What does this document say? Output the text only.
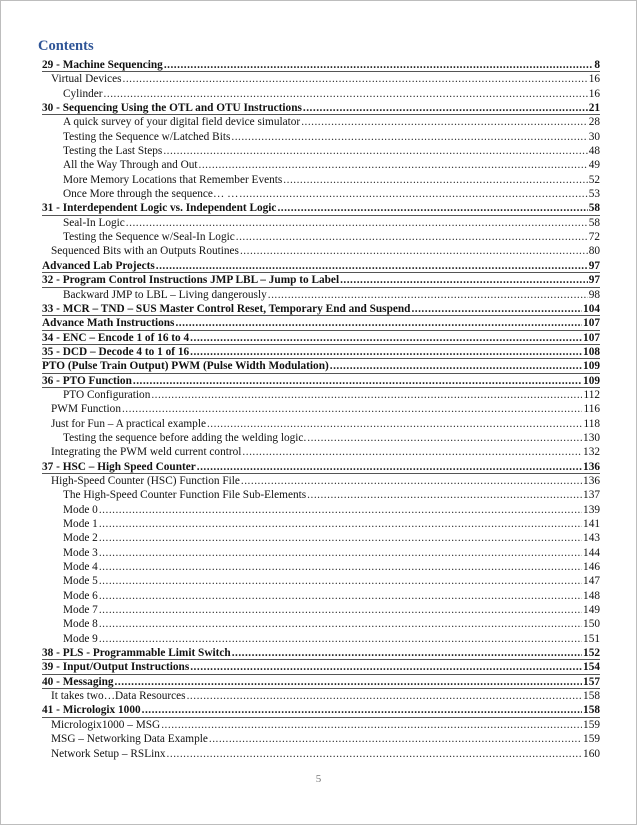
Contents
29 - Machine Sequencing .....	8
Virtual Devices .....	16
Cylinder .....	16
30 - Sequencing Using the OTL and OTU Instructions .....	21
A quick survey of your digital field device simulator .....	28
Testing the Sequence w/Latched Bits .....	30
Testing the Last Steps .....	48
All the Way Through and Out .....	49
More Memory Locations that Remember Events .....	52
Once More through the sequence… … .....	53
31 - Interdependent Logic vs. Independent Logic .....	58
Seal-In Logic .....	58
Testing the Sequence w/Seal-In Logic .....	72
Sequenced Bits with an Outputs Routines .....	80
Advanced Lab Projects .....	97
32 - Program Control Instructions JMP LBL – Jump to Label .....	97
Backward JMP to LBL – Living dangerously .....	98
33 - MCR – TND – SUS Master Control Reset, Temporary End and Suspend .....	104
Advance Math Instructions .....	107
34 - ENC – Encode 1 of 16 to 4 .....	107
35 - DCD – Decode 4 to 1 of 16 .....	108
PTO (Pulse Train Output) PWM (Pulse Width Modulation) .....	109
36 - PTO Function .....	109
PTO Configuration .....	112
PWM Function .....	116
Just for Fun – A practical example .....	118
Testing the sequence before adding the welding logic. .....	130
Integrating the PWM weld current control .....	132
37 - HSC – High Speed Counter .....	136
High-Speed Counter (HSC) Function File .....	136
The High-Speed Counter Function File Sub-Elements .....	137
Mode 0 .....	139
Mode 1 .....	141
Mode 2 .....	143
Mode 3 .....	144
Mode 4 .....	146
Mode 5 .....	147
Mode 6 .....	148
Mode 7 .....	149
Mode 8 .....	150
Mode 9 .....	151
38 - PLS - Programmable Limit Switch .....	152
39 - Input/Output Instructions .....	154
40 - Messaging .....	157
It takes two…Data Resources .....	158
41 - Micrologix 1000 .....	158
Micrologix1000 – MSG .....	159
MSG – Networking Data Example .....	159
Network Setup – RSLinx .....	160
5
